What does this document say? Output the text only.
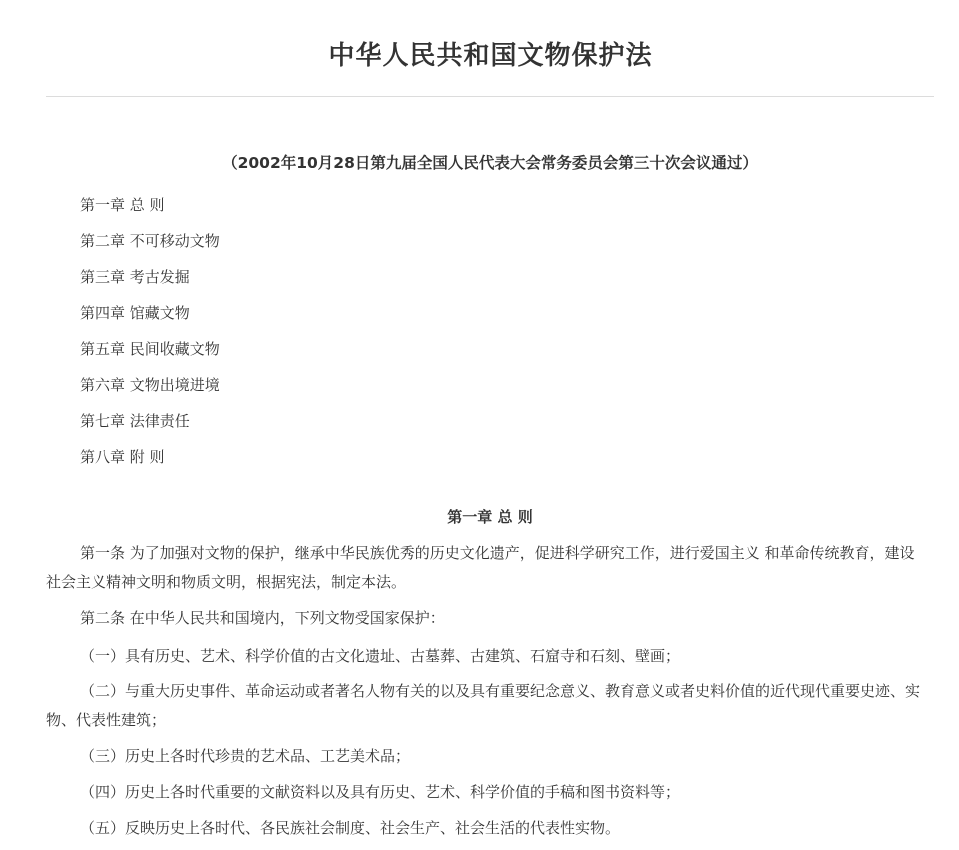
中华人民共和国文物保护法

（2002年10月28日第九届全国人民代表大会常务委员会第三十次会议通过）

第一章 总 则
第二章 不可移动文物
第三章 考古发掘
第四章 馆藏文物
第五章 民间收藏文物
第六章 文物出境进境
第七章 法律责任
第八章 附 则
第一章 总 则

第一条 为了加强对文物的保护，继承中华民族优秀的历史文化遗产，促进科学研究工作，进行爱国主义 和革命传统教育，建设社会主义精神文明和物质文明，根据宪法，制定本法。

第二条 在中华人民共和国境内，下列文物受国家保护：

（一）具有历史、艺术、科学价值的古文化遗址、古墓葬、古建筑、石窟寺和石刻、壁画；

（二）与重大历史事件、革命运动或者著名人物有关的以及具有重要纪念意义、教育意义或者史料价值的近代现代重要史迹、实物、代表性建筑；

（三）历史上各时代珍贵的艺术品、工艺美术品；

（四）历史上各时代重要的文献资料以及具有历史、艺术、科学价值的手稿和图书资料等；

（五）反映历史上各时代、各民族社会制度、社会生产、社会生活的代表性实物。
